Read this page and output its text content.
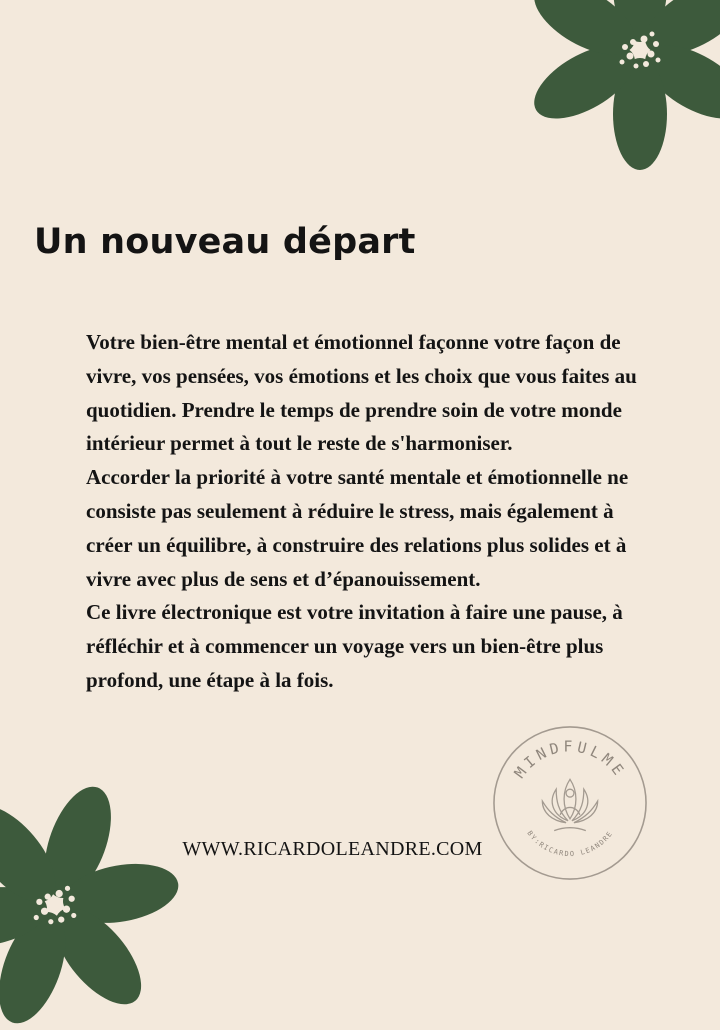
Un nouveau départ

Votre bien-être mental et émotionnel façonne votre façon de vivre, vos pensées, vos émotions et les choix que vous faites au quotidien. Prendre le temps de prendre soin de votre monde intérieur permet à tout le reste de s'harmoniser.

Accorder la priorité à votre santé mentale et émotionnelle ne consiste pas seulement à réduire le stress, mais également à créer un équilibre, à construire des relations plus solides et à vivre avec plus de sens et d’épanouissement.

Ce livre électronique est votre invitation à faire une pause, à réfléchir et à commencer un voyage vers un bien-être plus profond, une étape à la fois.

WWW.RICARDOLEANDRE.COM
MINDFULME
BY:RICARDO LEANDRE
